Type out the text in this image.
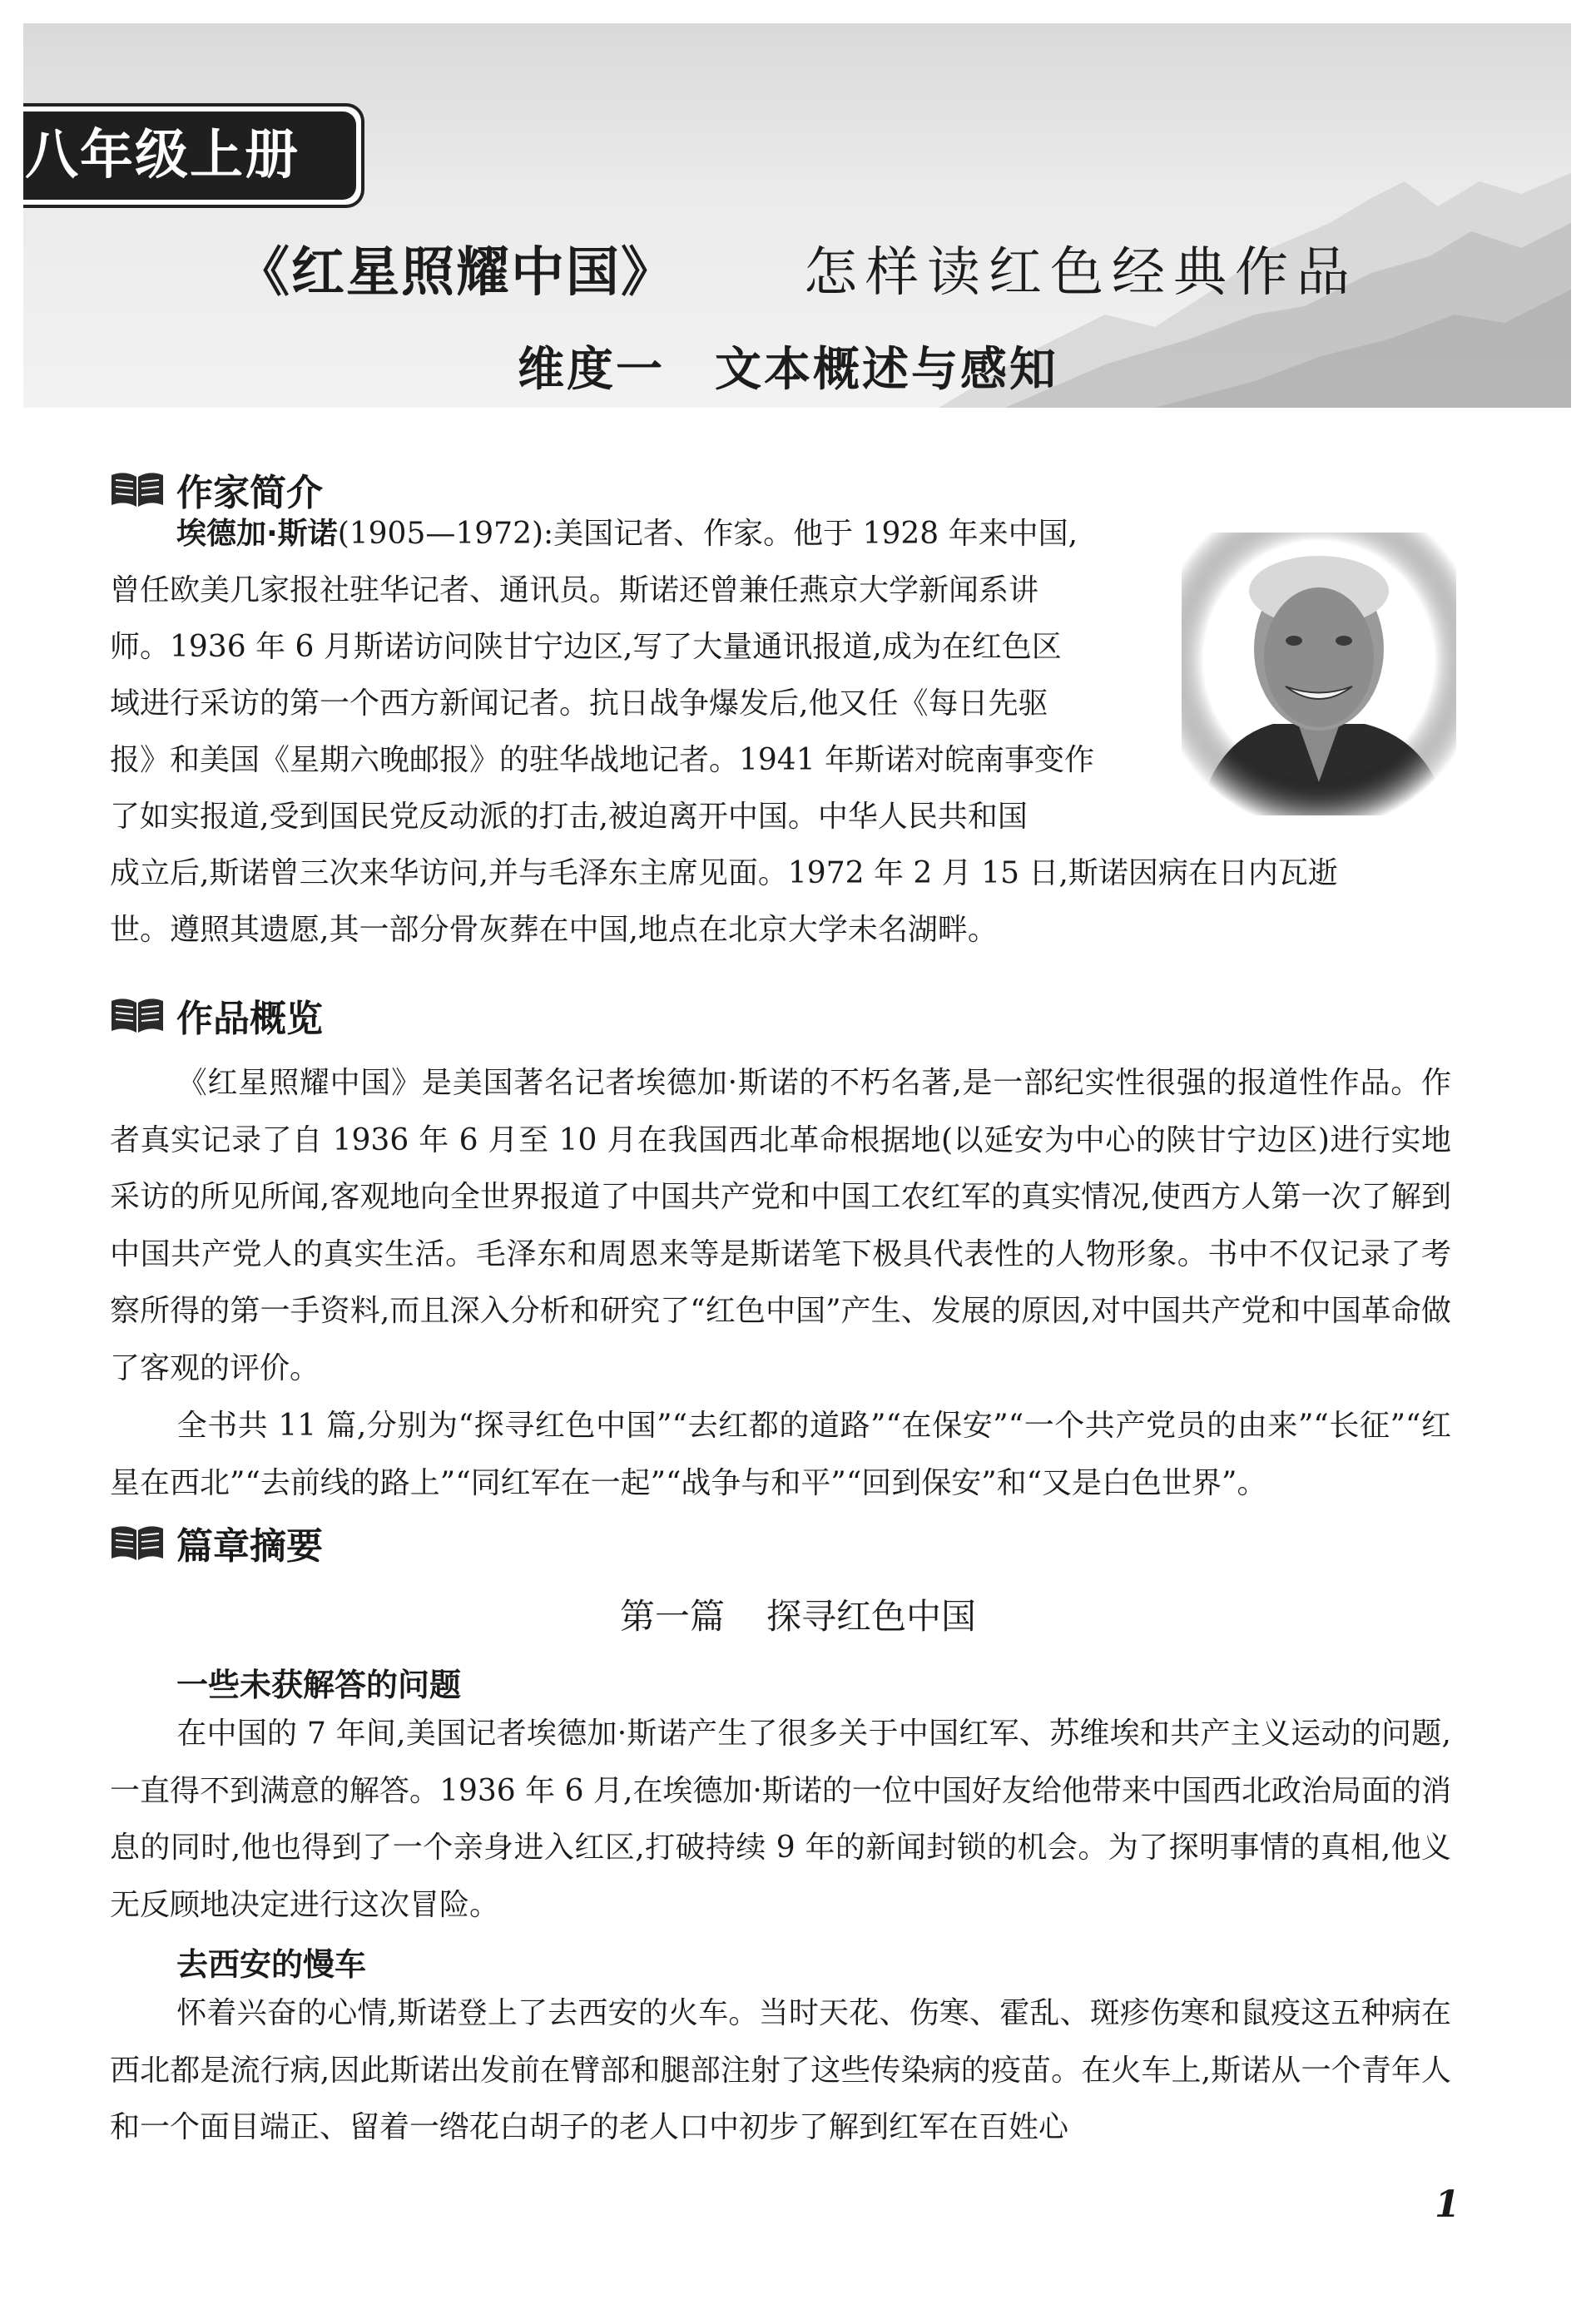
八年级上册
《红星照耀中国》 怎样读红色经典作品
维度一 文本概述与感知
作家简介

埃德加·斯诺(1905—1972):美国记者、作家。他于 1928 年来中国,

曾任欧美几家报社驻华记者、通讯员。斯诺还曾兼任燕京大学新闻系讲

师。1936 年 6 月斯诺访问陕甘宁边区,写了大量通讯报道,成为在红色区

域进行采访的第一个西方新闻记者。抗日战争爆发后,他又任《每日先驱

报》和美国《星期六晚邮报》的驻华战地记者。1941 年斯诺对皖南事变作

了如实报道,受到国民党反动派的打击,被迫离开中国。中华人民共和国

成立后,斯诺曾三次来华访问,并与毛泽东主席见面。1972 年 2 月 15 日,斯诺因病在日内瓦逝

世。遵照其遗愿,其一部分骨灰葬在中国,地点在北京大学未名湖畔。

作品概览

《红星照耀中国》是美国著名记者埃德加·斯诺的不朽名著,是一部纪实性很强的报道性作品。作者真实记录了自 1936 年 6 月至 10 月在我国西北革命根据地(以延安为中心的陕甘宁边区)进行实地采访的所见所闻,客观地向全世界报道了中国共产党和中国工农红军的真实情况,使西方人第一次了解到中国共产党人的真实生活。毛泽东和周恩来等是斯诺笔下极具代表性的人物形象。书中不仅记录了考察所得的第一手资料,而且深入分析和研究了“红色中国”产生、发展的原因,对中国共产党和中国革命做了客观的评价。

全书共 11 篇,分别为“探寻红色中国”“去红都的道路”“在保安”“一个共产党员的由来”“长征”“红星在西北”“去前线的路上”“同红军在一起”“战争与和平”“回到保安”和“又是白色世界”。

篇章摘要
第一篇 探寻红色中国
一些未获解答的问题

在中国的 7 年间,美国记者埃德加·斯诺产生了很多关于中国红军、苏维埃和共产主义运动的问题,一直得不到满意的解答。1936 年 6 月,在埃德加·斯诺的一位中国好友给他带来中国西北政治局面的消息的同时,他也得到了一个亲身进入红区,打破持续 9 年的新闻封锁的机会。为了探明事情的真相,他义无反顾地决定进行这次冒险。

去西安的慢车

怀着兴奋的心情,斯诺登上了去西安的火车。当时天花、伤寒、霍乱、斑疹伤寒和鼠疫这五种病在西北都是流行病,因此斯诺出发前在臂部和腿部注射了这些传染病的疫苗。在火车上,斯诺从一个青年人和一个面目端正、留着一绺花白胡子的老人口中初步了解到红军在百姓心

1
